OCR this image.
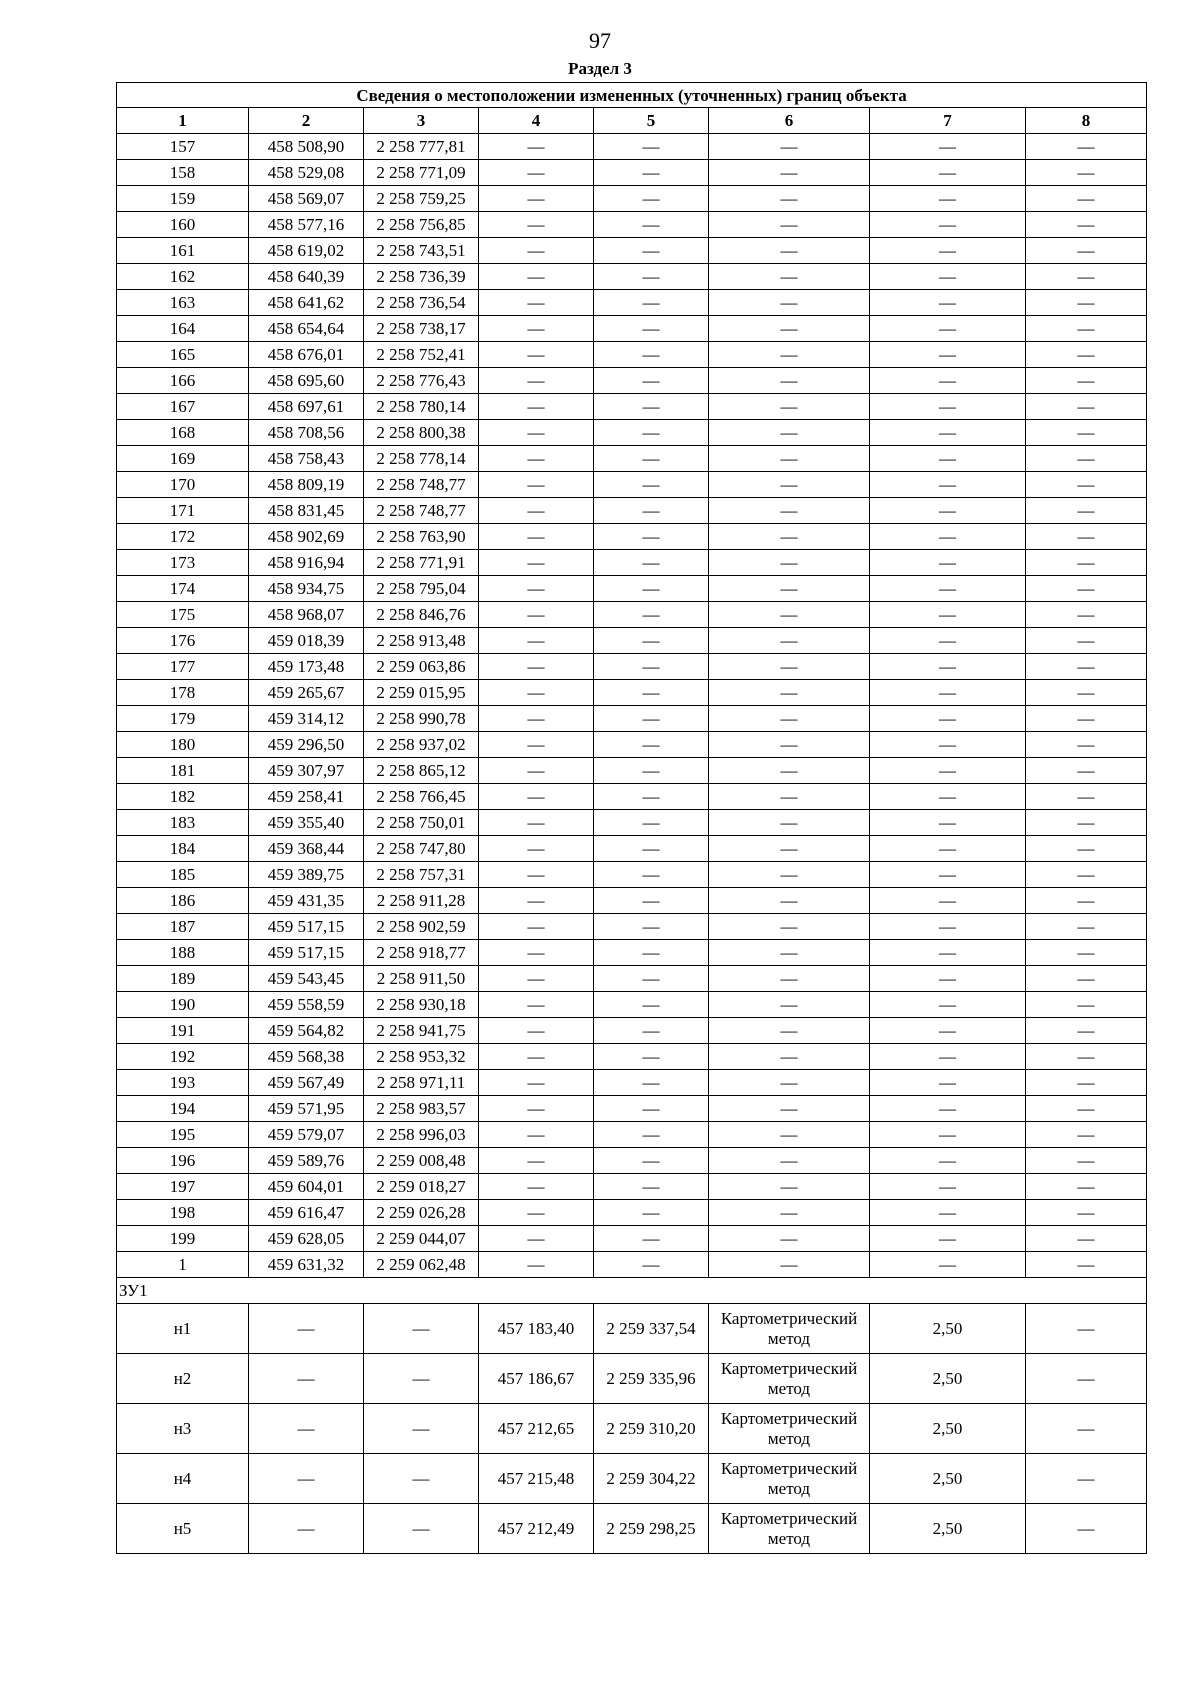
97
Раздел 3
Сведения о местоположении измененных (уточненных) границ объекта							
1	2	3	4	5	6	7	8
157	458 508,90	2 258 777,81	—	—	—	—	—
158	458 529,08	2 258 771,09	—	—	—	—	—
159	458 569,07	2 258 759,25	—	—	—	—	—
160	458 577,16	2 258 756,85	—	—	—	—	—
161	458 619,02	2 258 743,51	—	—	—	—	—
162	458 640,39	2 258 736,39	—	—	—	—	—
163	458 641,62	2 258 736,54	—	—	—	—	—
164	458 654,64	2 258 738,17	—	—	—	—	—
165	458 676,01	2 258 752,41	—	—	—	—	—
166	458 695,60	2 258 776,43	—	—	—	—	—
167	458 697,61	2 258 780,14	—	—	—	—	—
168	458 708,56	2 258 800,38	—	—	—	—	—
169	458 758,43	2 258 778,14	—	—	—	—	—
170	458 809,19	2 258 748,77	—	—	—	—	—
171	458 831,45	2 258 748,77	—	—	—	—	—
172	458 902,69	2 258 763,90	—	—	—	—	—
173	458 916,94	2 258 771,91	—	—	—	—	—
174	458 934,75	2 258 795,04	—	—	—	—	—
175	458 968,07	2 258 846,76	—	—	—	—	—
176	459 018,39	2 258 913,48	—	—	—	—	—
177	459 173,48	2 259 063,86	—	—	—	—	—
178	459 265,67	2 259 015,95	—	—	—	—	—
179	459 314,12	2 258 990,78	—	—	—	—	—
180	459 296,50	2 258 937,02	—	—	—	—	—
181	459 307,97	2 258 865,12	—	—	—	—	—
182	459 258,41	2 258 766,45	—	—	—	—	—
183	459 355,40	2 258 750,01	—	—	—	—	—
184	459 368,44	2 258 747,80	—	—	—	—	—
185	459 389,75	2 258 757,31	—	—	—	—	—
186	459 431,35	2 258 911,28	—	—	—	—	—
187	459 517,15	2 258 902,59	—	—	—	—	—
188	459 517,15	2 258 918,77	—	—	—	—	—
189	459 543,45	2 258 911,50	—	—	—	—	—
190	459 558,59	2 258 930,18	—	—	—	—	—
191	459 564,82	2 258 941,75	—	—	—	—	—
192	459 568,38	2 258 953,32	—	—	—	—	—
193	459 567,49	2 258 971,11	—	—	—	—	—
194	459 571,95	2 258 983,57	—	—	—	—	—
195	459 579,07	2 258 996,03	—	—	—	—	—
196	459 589,76	2 259 008,48	—	—	—	—	—
197	459 604,01	2 259 018,27	—	—	—	—	—
198	459 616,47	2 259 026,28	—	—	—	—	—
199	459 628,05	2 259 044,07	—	—	—	—	—
1	459 631,32	2 259 062,48	—	—	—	—	—
ЗУ1							
н1	—	—	457 183,40	2 259 337,54	Картометрический метод	2,50	—
н2	—	—	457 186,67	2 259 335,96	Картометрический метод	2,50	—
н3	—	—	457 212,65	2 259 310,20	Картометрический метод	2,50	—
н4	—	—	457 215,48	2 259 304,22	Картометрический метод	2,50	—
н5	—	—	457 212,49	2 259 298,25	Картометрический метод	2,50	—
